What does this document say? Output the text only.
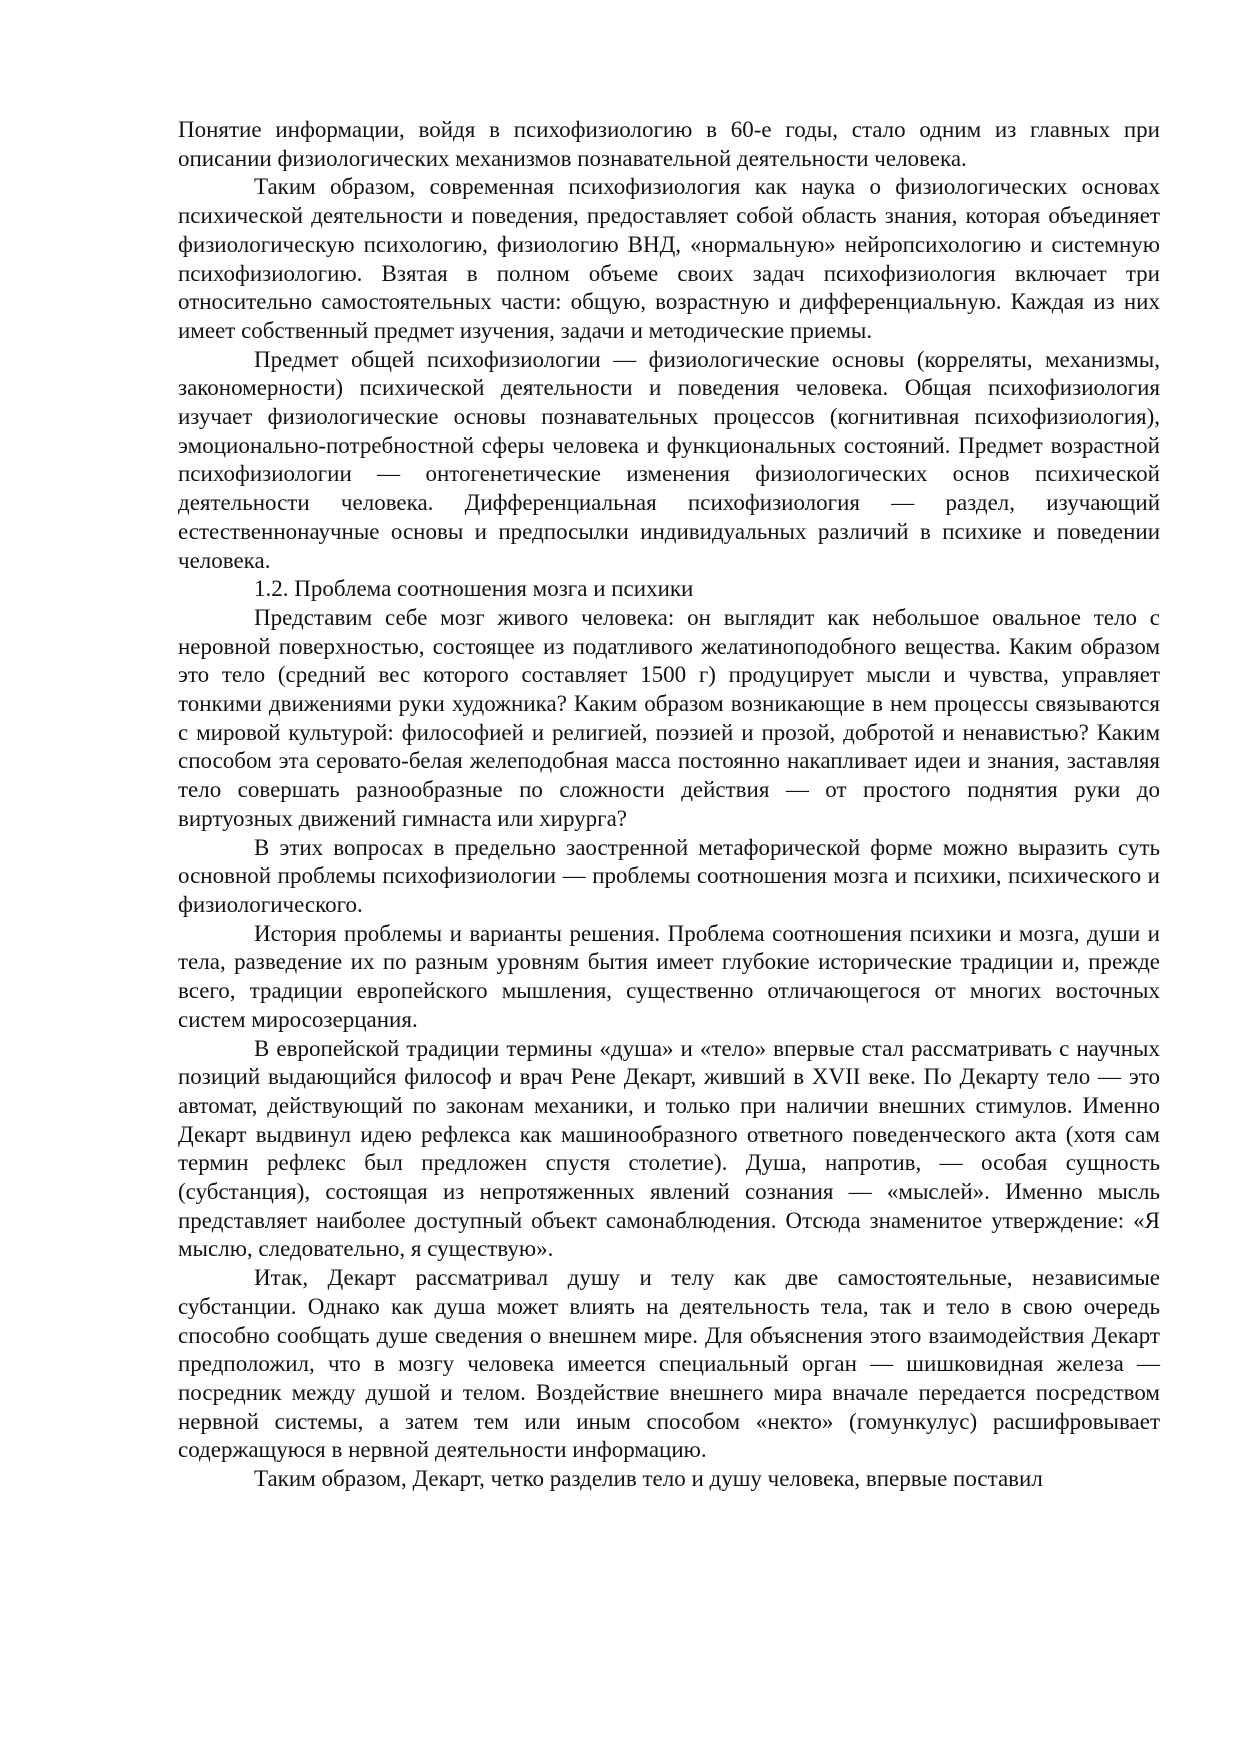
Понятие информации, войдя в психофизиологию в 60-е годы, стало одним из главных при описании физиологических механизмов познавательной деятельности человека.

Таким образом, современная психофизиология как наука о физиологических основах психической деятельности и поведения, предоставляет собой область знания, которая объединяет физиологическую психологию, физиологию ВНД, «нормальную» нейропсихологию и системную психофизиологию. Взятая в полном объеме своих задач психофизиология включает три относительно самостоятельных части: общую, возрастную и дифференциальную. Каждая из них имеет собственный предмет изучения, задачи и методические приемы.

Предмет общей психофизиологии — физиологические основы (корреляты, механизмы, закономерности) психической деятельности и поведения человека. Общая психофизиология изучает физиологические основы познавательных процессов (когнитивная психофизиология), эмоционально-потребностной сферы человека и функциональных состояний. Предмет возрастной психофизиологии — онтогенетические изменения физиологических основ психической деятельности человека. Дифференциальная психофизиология — раздел, изучающий естественнонаучные основы и предпосылки индивидуальных различий в психике и поведении человека.

1.2. Проблема соотношения мозга и психики

Представим себе мозг живого человека: он выглядит как небольшое овальное тело с неровной поверхностью, состоящее из податливого желатиноподобного вещества. Каким образом это тело (средний вес которого составляет 1500 г) продуцирует мысли и чувства, управляет тонкими движениями руки художника? Каким образом возникающие в нем процессы связываются с мировой культурой: философией и религией, поэзией и прозой, добротой и ненавистью? Каким способом эта серовато-белая желеподобная масса постоянно накапливает идеи и знания, заставляя тело совершать разнообразные по сложности действия — от простого поднятия руки до виртуозных движений гимнаста или хирурга?

В этих вопросах в предельно заостренной метафорической форме можно выразить суть основной проблемы психофизиологии — проблемы соотношения мозга и психики, психического и физиологического.

История проблемы и варианты решения. Проблема соотношения психики и мозга, души и тела, разведение их по разным уровням бытия имеет глубокие исторические традиции и, прежде всего, традиции европейского мышления, существенно отличающегося от многих восточных систем миросозерцания.

В европейской традиции термины «душа» и «тело» впервые стал рассматривать с научных позиций выдающийся философ и врач Рене Декарт, живший в XVII веке. По Декарту тело — это автомат, действующий по законам механики, и только при наличии внешних стимулов. Именно Декарт выдвинул идею рефлекса как машинообразного ответного поведенческого акта (хотя сам термин рефлекс был предложен спустя столетие). Душа, напротив, — особая сущность (субстанция), состоящая из непротяженных явлений сознания — «мыслей». Именно мысль представляет наиболее доступный объект самонаблюдения. Отсюда знаменитое утверждение: «Я мыслю, следовательно, я существую».

Итак, Декарт рассматривал душу и телу как две самостоятельные, независимые субстанции. Однако как душа может влиять на деятельность тела, так и тело в свою очередь способно сообщать душе сведения о внешнем мире. Для объяснения этого взаимодействия Декарт предположил, что в мозгу человека имеется специальный орган — шишковидная железа — посредник между душой и телом. Воздействие внешнего мира вначале передается посредством нервной системы, а затем тем или иным способом «некто» (гомункулус) расшифровывает содержащуюся в нервной деятельности информацию.

Таким образом, Декарт, четко разделив тело и душу человека, впервые поставил
